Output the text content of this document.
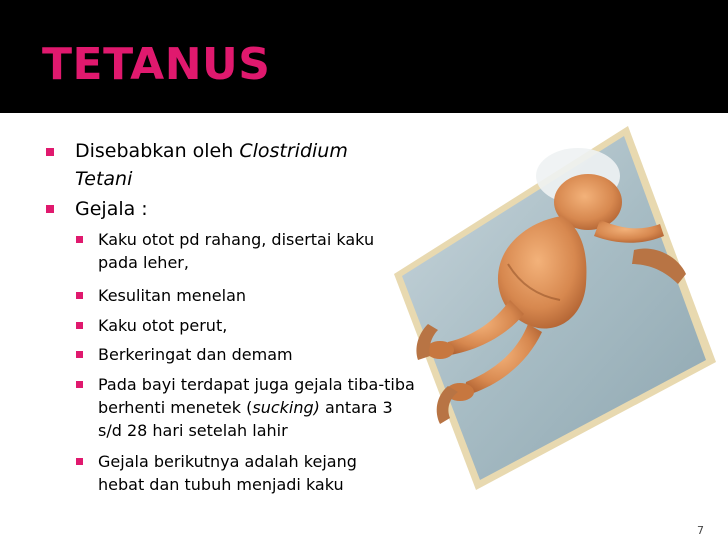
TETANUS
Disebabkan oleh Clostridium Tetani
Gejala :
Kaku otot pd rahang, disertai kaku pada leher,
Kesulitan menelan
Kaku otot perut,
Berkeringat dan demam
Pada bayi terdapat juga gejala tiba-tiba berhenti menetek (sucking) antara 3 s/d 28 hari setelah lahir
Gejala berikutnya adalah kejang hebat dan tubuh menjadi kaku
7
